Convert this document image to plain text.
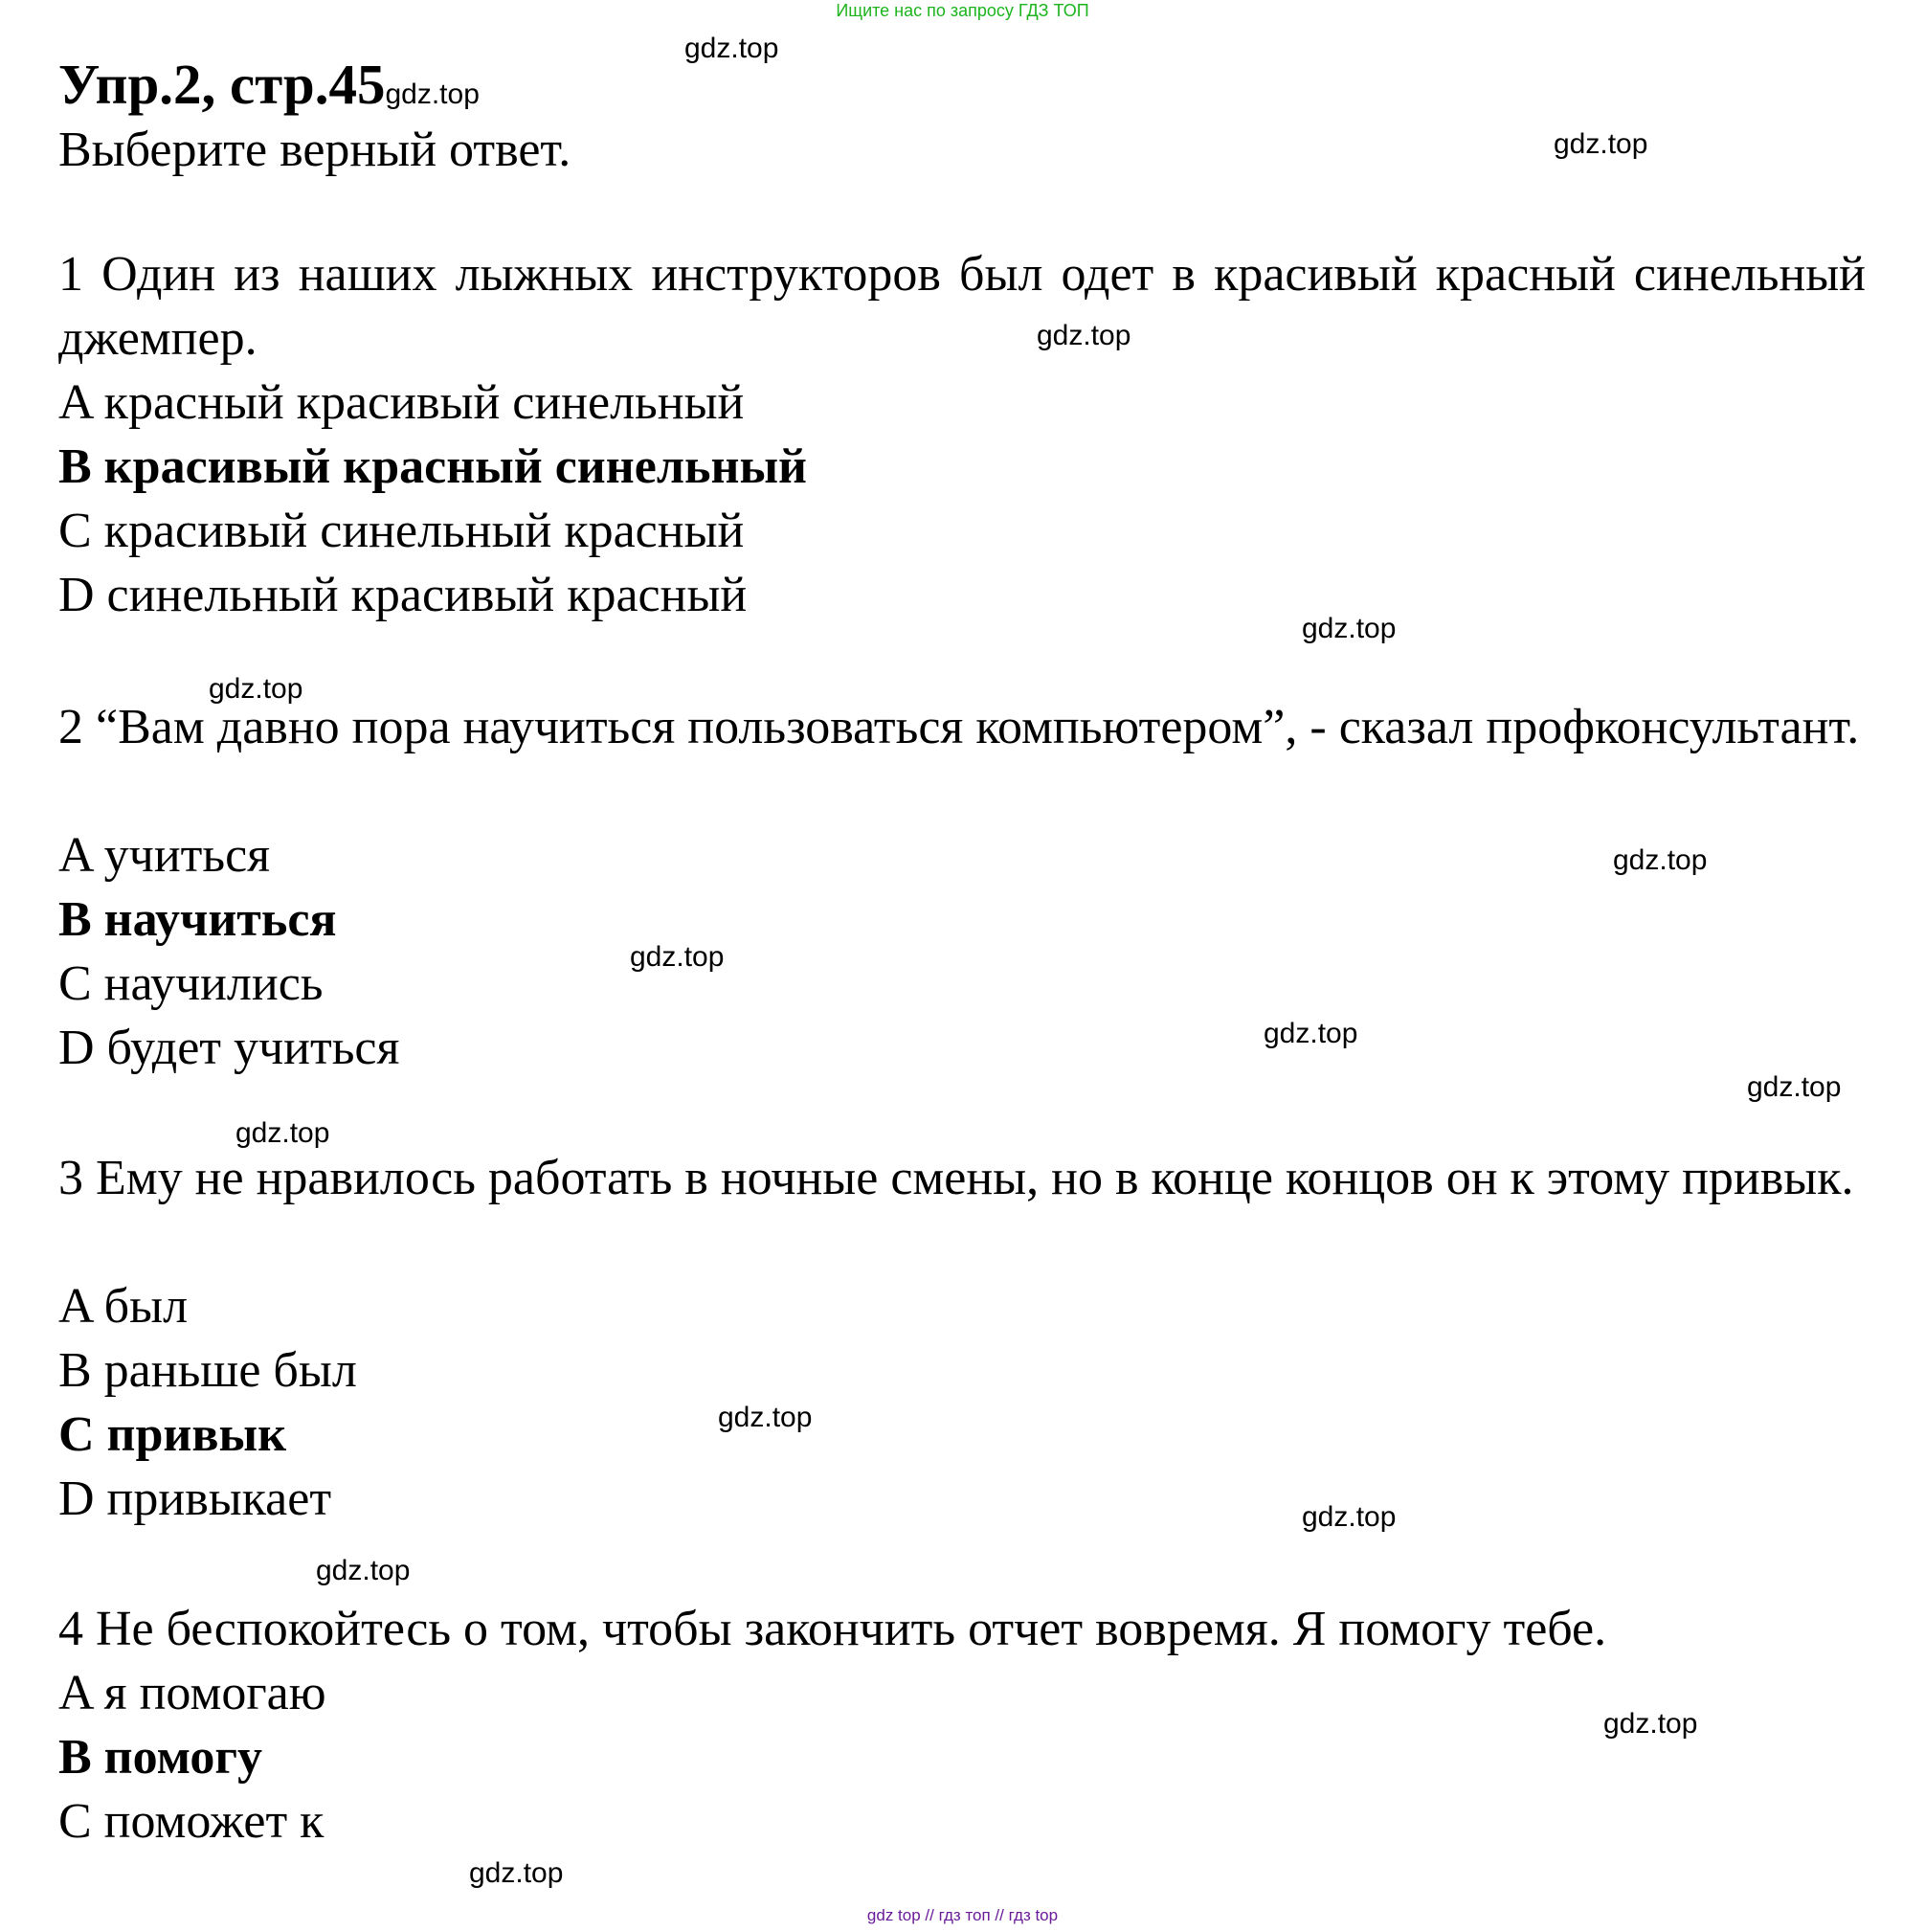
Ищите нас по запросу ГДЗ ТОП
Упр.2, стр.45gdz.top
Выберите верный ответ.

1 Один из наших лыжных инструкторов был одет в красивый красный синельный джемпер.

A красный красивый синельный
B красивый красный синельный
C красивый синельный красный
D синельный красивый красный

2 “Вам давно пора научиться пользоваться компьютером”, - сказал профконсультант.

A учиться
B научиться
C научились
D будет учиться

3 Ему не нравилось работать в ночные смены, но в конце концов он к этому привык.

A был
B раньше был
C привык
D привыкает

4 Не беспокойтесь о том, чтобы закончить отчет вовремя. Я помогу тебе.

A я помогаю
B помогу
C поможет к
gdz.top
gdz.top
gdz.top
gdz.top
gdz.top
gdz.top
gdz.top
gdz.top
gdz.top
gdz.top
gdz.top
gdz.top
gdz.top
gdz.top
gdz.top
gdz top // гдз топ // гдз top
